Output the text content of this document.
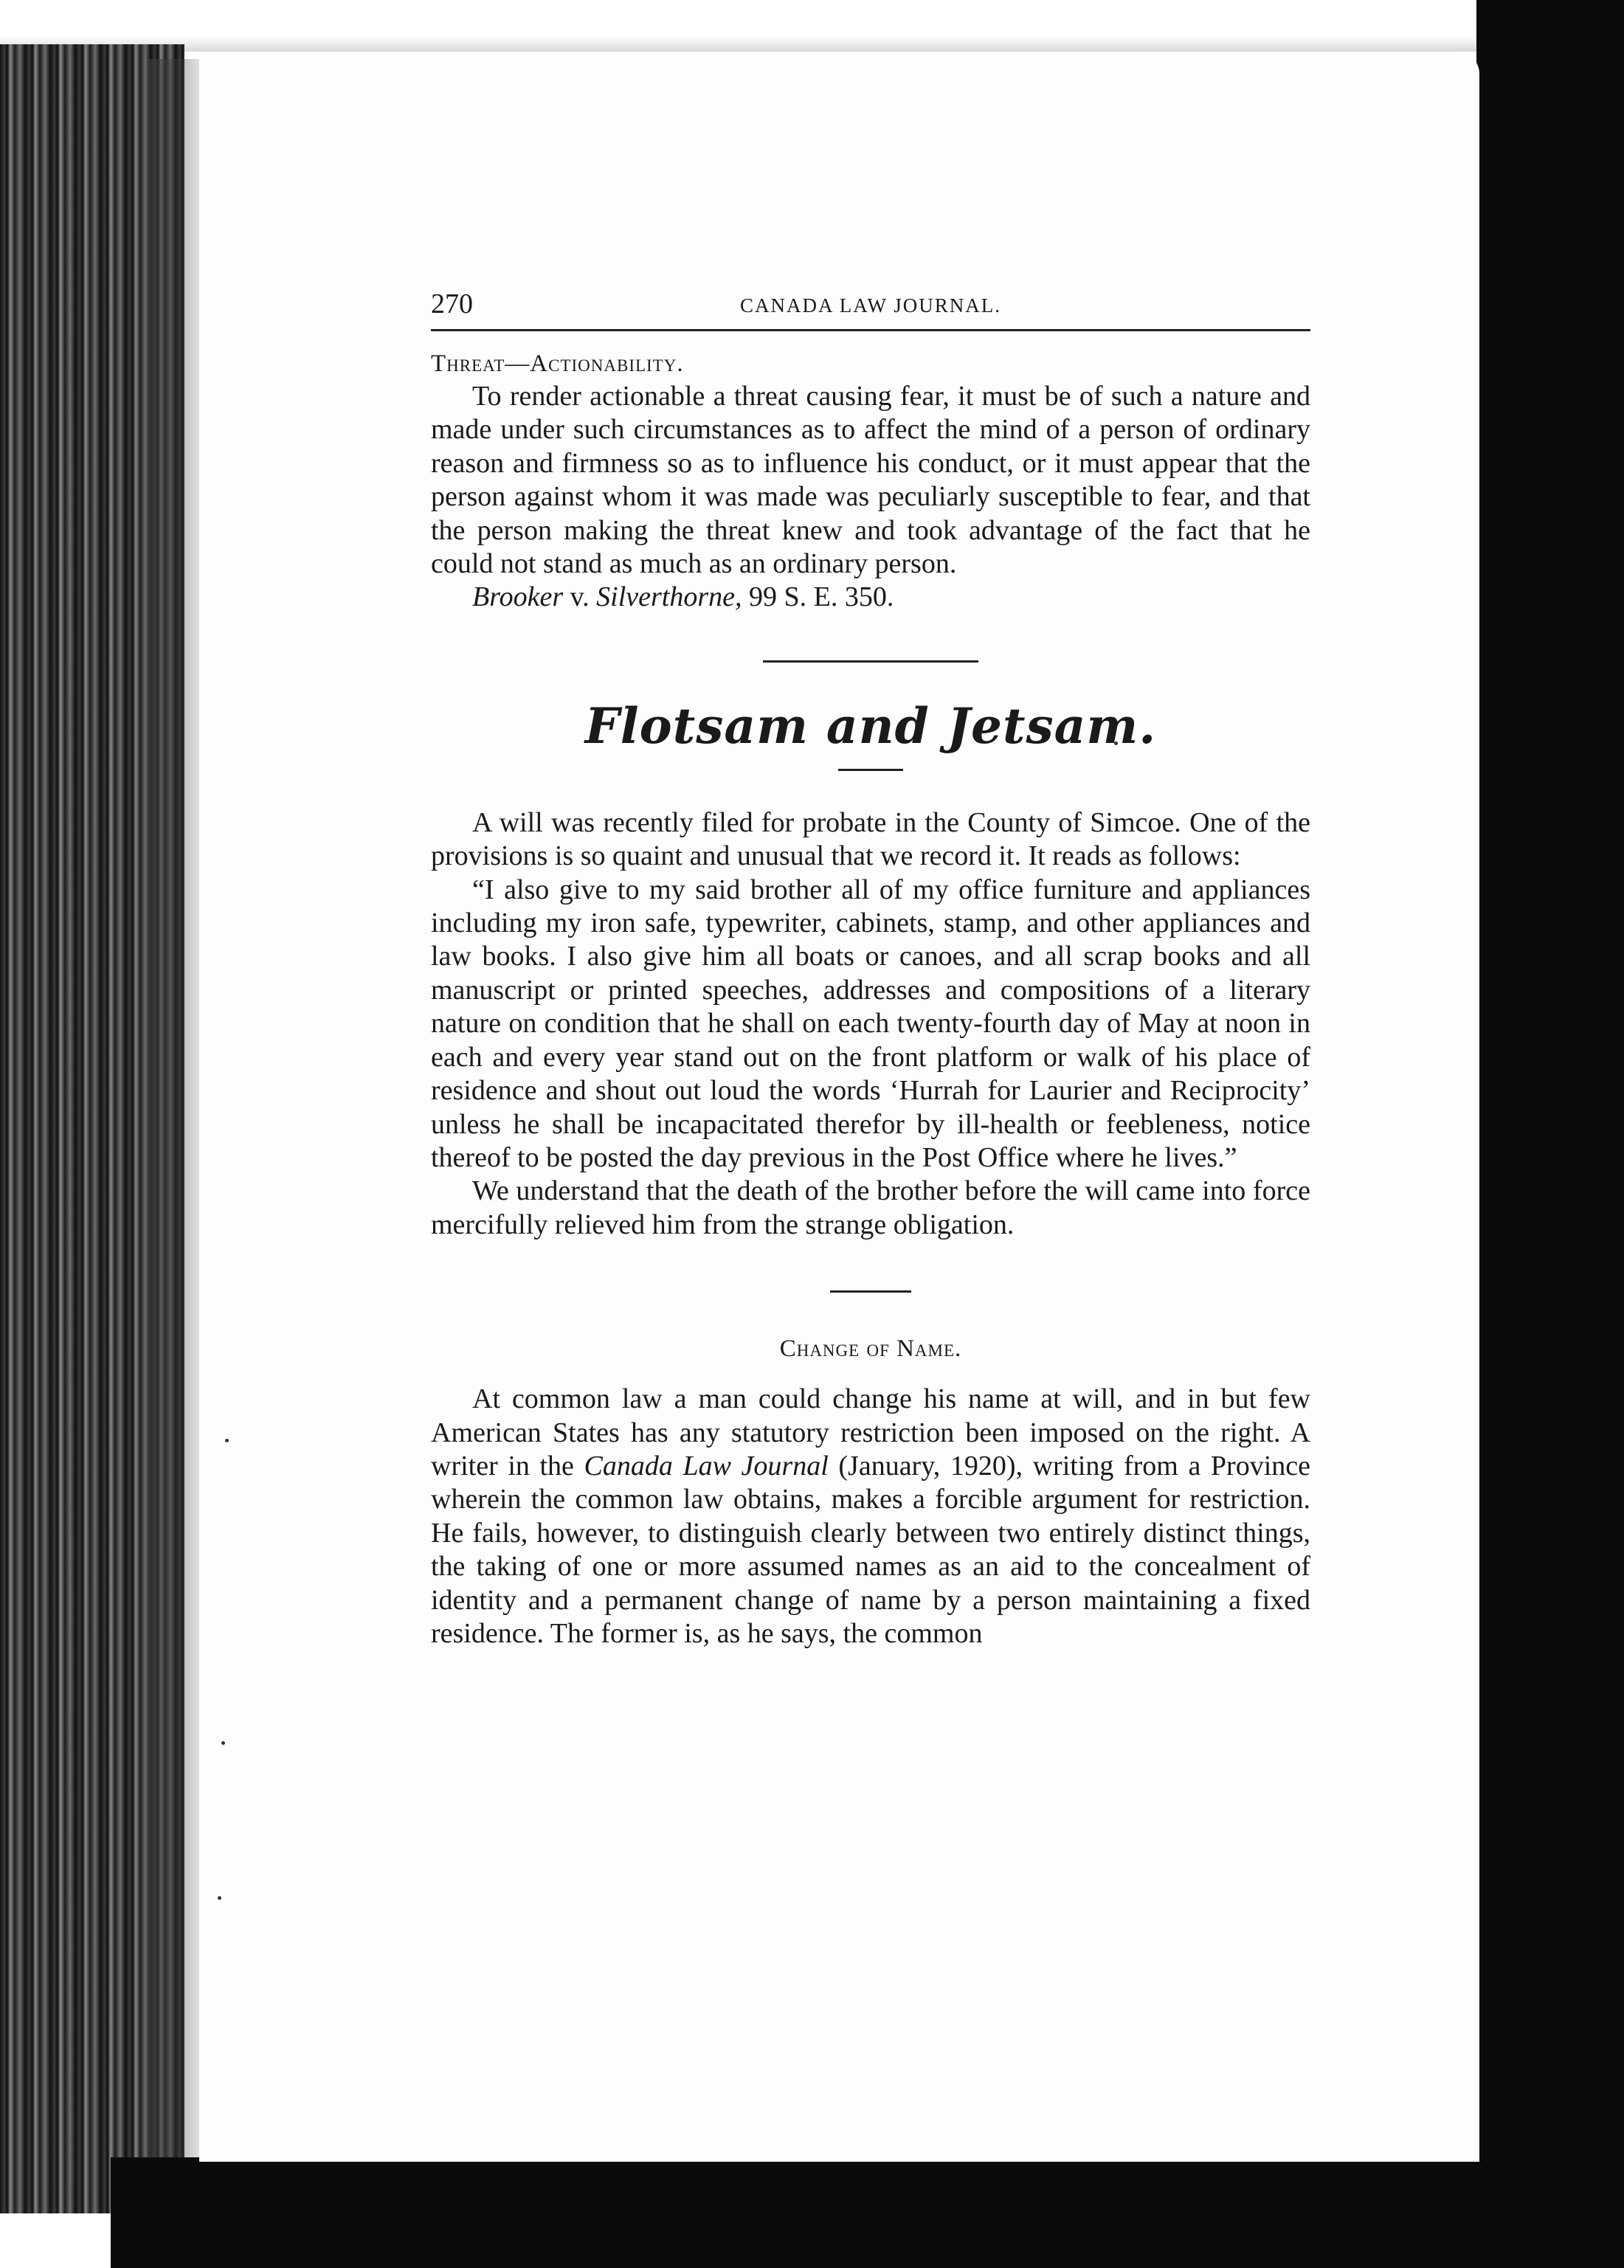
270	CANADA LAW JOURNAL.
Threat—Actionability.

To render actionable a threat causing fear, it must be of such a nature and made under such circumstances as to affect the mind of a person of ordinary reason and firmness so as to influence his conduct, or it must appear that the person against whom it was made was peculiarly susceptible to fear, and that the person making the threat knew and took advantage of the fact that he could not stand as much as an ordinary person.

Brooker v. Silverthorne, 99 S. E. 350.

Flotsam and Jetsam.

A will was recently filed for probate in the County of Simcoe. One of the provisions is so quaint and unusual that we record it. It reads as follows:

“I also give to my said brother all of my office furniture and appliances including my iron safe, typewriter, cabinets, stamp, and other appliances and law books. I also give him all boats or canoes, and all scrap books and all manuscript or printed speeches, addresses and compositions of a literary nature on condition that he shall on each twenty-fourth day of May at noon in each and every year stand out on the front platform or walk of his place of residence and shout out loud the words ‘Hurrah for Laurier and Reciprocity’ unless he shall be incapacitated therefor by ill-health or feebleness, notice thereof to be posted the day previous in the Post Office where he lives.”

We understand that the death of the brother before the will came into force mercifully relieved him from the strange obligation.

Change of Name.

At common law a man could change his name at will, and in but few American States has any statutory restriction been imposed on the right. A writer in the Canada Law Journal (January, 1920), writing from a Province wherein the common law obtains, makes a forcible argument for restriction. He fails, however, to distinguish clearly between two entirely distinct things, the taking of one or more assumed names as an aid to the concealment of identity and a permanent change of name by a person maintaining a fixed residence. The former is, as he says, the common
